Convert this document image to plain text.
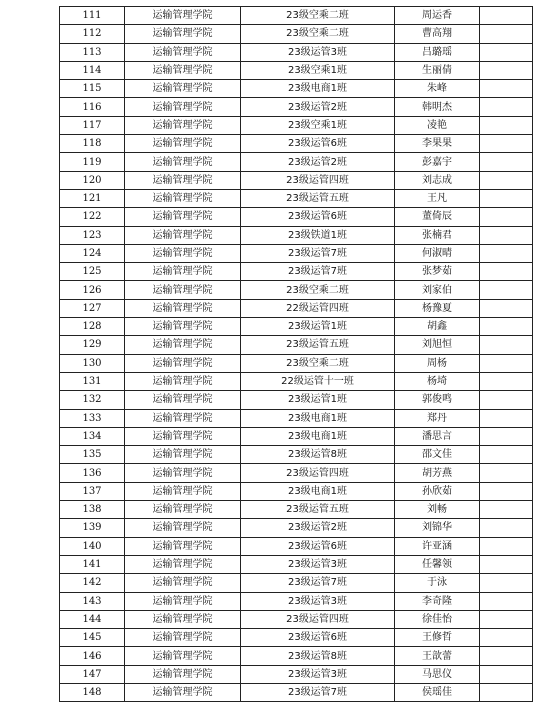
111	运输管理学院	23级空乘二班	周运香	
112	运输管理学院	23级空乘二班	曹高翔	
113	运输管理学院	23级运管3班	吕璐瑶	
114	运输管理学院	23级空乘1班	生丽倩	
115	运输管理学院	23级电商1班	朱峰	
116	运输管理学院	23级运管2班	韩明杰	
117	运输管理学院	23级空乘1班	凌艳	
118	运输管理学院	23级运管6班	李果果	
119	运输管理学院	23级运管2班	彭嘉宇	
120	运输管理学院	23级运管四班	刘志成	
121	运输管理学院	23级运管五班	王凡	
122	运输管理学院	23级运管6班	董倚辰	
123	运输管理学院	23级铁道1班	张楠君	
124	运输管理学院	23级运管7班	何淑晴	
125	运输管理学院	23级运管7班	张梦茹	
126	运输管理学院	23级空乘二班	刘家伯	
127	运输管理学院	22级运管四班	杨豫夏	
128	运输管理学院	23级运管1班	胡鑫	
129	运输管理学院	23级运管五班	刘旭恒	
130	运输管理学院	23级空乘二班	周杨	
131	运输管理学院	22级运管十一班	杨埼	
132	运输管理学院	23级运管1班	郭俊鸣	
133	运输管理学院	23级电商1班	郑丹	
134	运输管理学院	23级电商1班	潘思言	
135	运输管理学院	23级运管8班	邵文佳	
136	运输管理学院	23级运管四班	胡芳燕	
137	运输管理学院	23级电商1班	孙欣茹	
138	运输管理学院	23级运管五班	刘畅	
139	运输管理学院	23级运管2班	刘锦华	
140	运输管理学院	23级运管6班	许亚涵	
141	运输管理学院	23级运管3班	任馨领	
142	运输管理学院	23级运管7班	于泳	
143	运输管理学院	23级运管3班	李奇隆	
144	运输管理学院	23级运管四班	徐佳怡	
145	运输管理学院	23级运管6班	王修哲	
146	运输管理学院	23级运管8班	王歆蕾	
147	运输管理学院	23级运管3班	马思仪	
148	运输管理学院	23级运管7班	侯瑶佳	
